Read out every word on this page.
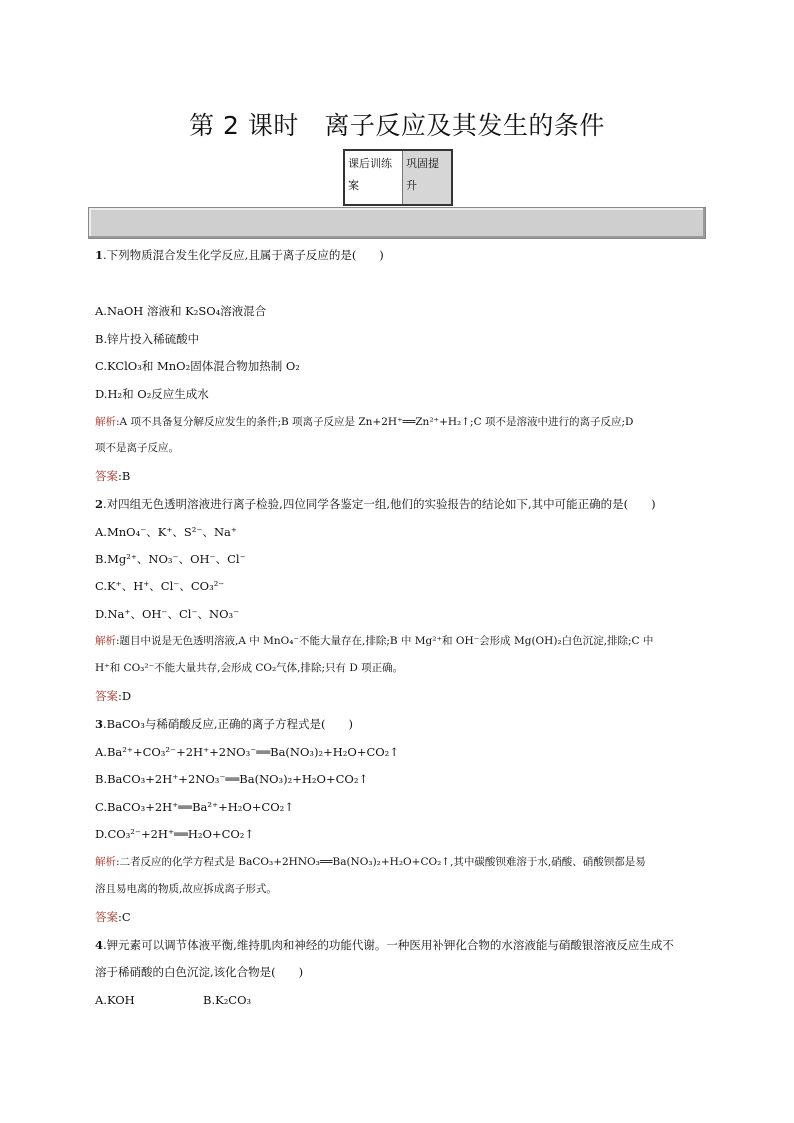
第 2 课时　离子反应及其发生的条件
课后训练案
巩固提升
1.下列物质混合发生化学反应,且属于离子反应的是(　　)
A.NaOH 溶液和 K₂SO₄溶液混合
B.锌片投入稀硫酸中
C.KClO₃和 MnO₂固体混合物加热制 O₂
D.H₂和 O₂反应生成水
解析:A 项不具备复分解反应发生的条件;B 项离子反应是 Zn+2H⁺══Zn²⁺+H₂↑;C 项不是溶液中进行的离子反应;D
项不是离子反应。
答案:B
2.对四组无色透明溶液进行离子检验,四位同学各鉴定一组,他们的实验报告的结论如下,其中可能正确的是(　　)
A.MnO₄⁻、K⁺、S²⁻、Na⁺
B.Mg²⁺、NO₃⁻、OH⁻、Cl⁻
C.K⁺、H⁺、Cl⁻、CO₃²⁻
D.Na⁺、OH⁻、Cl⁻、NO₃⁻
解析:题目中说是无色透明溶液,A 中 MnO₄⁻不能大量存在,排除;B 中 Mg²⁺和 OH⁻会形成 Mg(OH)₂白色沉淀,排除;C 中
H⁺和 CO₃²⁻不能大量共存,会形成 CO₂气体,排除;只有 D 项正确。
答案:D
3.BaCO₃与稀硝酸反应,正确的离子方程式是(　　)
A.Ba²⁺+CO₃²⁻+2H⁺+2NO₃⁻══Ba(NO₃)₂+H₂O+CO₂↑
B.BaCO₃+2H⁺+2NO₃⁻══Ba(NO₃)₂+H₂O+CO₂↑
C.BaCO₃+2H⁺══Ba²⁺+H₂O+CO₂↑
D.CO₃²⁻+2H⁺══H₂O+CO₂↑
解析:二者反应的化学方程式是 BaCO₃+2HNO₃══Ba(NO₃)₂+H₂O+CO₂↑,其中碳酸钡难溶于水,硝酸、硝酸钡都是易
溶且易电离的物质,故应拆成离子形式。
答案:C
4.钾元素可以调节体液平衡,维持肌肉和神经的功能代谢。一种医用补钾化合物的水溶液能与硝酸银溶液反应生成不
溶于稀硝酸的白色沉淀,该化合物是(　　)
A.KOH	B.K₂CO₃
